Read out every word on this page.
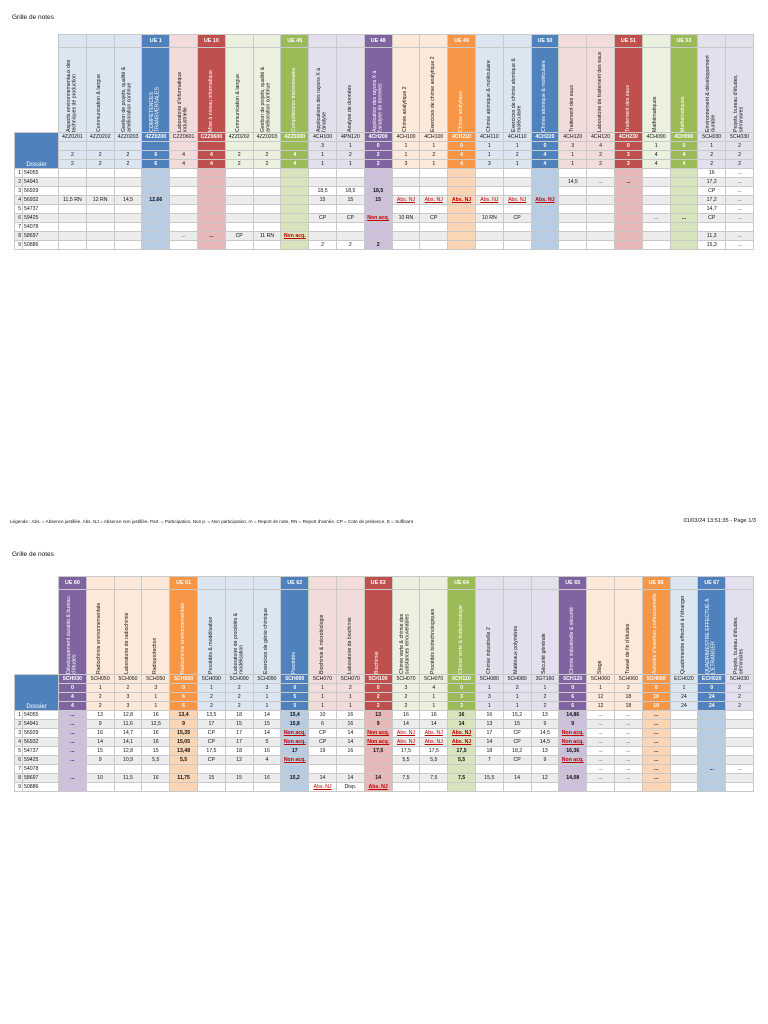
Grille de notes
Sciences de l'Ingénie ur industri el Orientat ion					UE 1		UE 10			UE 45			UE 48			UE 49			UE 50			UE 51		UE 53		

		Aspects environnementaux des techniques de production	Communication & langue	Gestion de projets, qualité & amélioration continue	COMPÉTENCES TRANSVERSALES	Laboratoire d'informatique industrielle	Mise à niveau informatique	Communication & langue	Gestion de projets, qualité & amélioration continue	Compétences transversales	Applications des rayons X à l'analyse	Analyse de données	Application des rayons X à l'analyse de données	Chimie analytique 2	Exercices de chimie analytique 2	Chimie analytique	Chimie atomique & moléculaire	Exercices de chimie atomique & moléculaire	Chimie atomique & moléculaire	Traitement des eaux	Laboratoire de traitement des eaux	Traitement des eaux	Mathématiques	Mathématiques	Environnement & développement durable	Projets, bureau d'études, séminaires

Dossier		4ZZ0201	4ZZ0202	4ZZ0203	4ZZ0200	CZZ0601	CZZ0600	4ZZ0202	4ZZ0203	4ZZ0300	4CH100	4PN120	4CH200	4CH100	4CH100	4CH210	4CH110	4CH110	4CH220	4CH120	4CH120	4CH230	4CH090	4CH090	5CH030	5CH030
											3	1	0	1	1	0	1	1	0	3	4	0	1	0	1	2
		2	2	2	6	4	4	2	2	4	1	2	2	1	2	4	1	2	4	1	2	3	4	4	2	2
		2	2	2	6	4	4	2	2	4	1	1	2	3	1	4	3	1	4	1	2	3	4	4	2	2
1	54055																								16	...
2	54941																			14,5	...	...			17,2	...
3	56929										18,5	18,5	18,5												CP	...
4	56932	11,5 RN	12 RN	14,5	12,66						15	15	15	Abs. NJ	Abs. NJ	Abs. NJ	Abs. NJ	Abs. NJ	Abs. NJ						17,2	...
5	54737																								14,7	...
6	59425										CP	CP	Non acq.	10 RN	CP		10 RN	CP					...	...	CP	...
7	54078																									
8	58697					...	...	CP	11 RN	Non acq.															11,3	...
9	50886										2	2	2												15,3	...
Grille de notes
Sciences de l'Ingénie ur industri el Orientat ion		UE 60				UE 61				UE 62			UE 63			UE 64				UE 65			UE 66		UE 67	

		Développement durable & bureau d'études	Radiochimie environnementale	Laboratoire de radiochimie	Radioprotection	Radiochimie environnementale	Procédés & modélisation	Laboratoire de procédés & modélisation	Exercices de génie chimique	Procédés	Biochimie & microbiologie	Laboratoire de biochimie	Biochimie	Chimie verte & chimie des substances renouvelables	Procédés biotechnologiques	Chimie verte & biotechnologie	Chimie industrielle 2	Matériaux polymères	Sécurité générale	Chimie industrielle & sécurité	Stage	Travail de fin d'études	Activités d'insertion professionnelle	Quadrimestre effectué à l'étranger	QUADRIMESTRE EFFECTUÉ À L'ÉTRANGER	Projets, bureau d'études, séminaires

Dossier		5CH030	5CH050	5CH050	5CH050	5CH050	5CH090	5CH090	5CH090	5CH090	5CH070	5CH070	5CH100	5CH070	5CH070	5CH110	5CH080	5CH080	3GT160	5CH120	5CH060	5CH060	5CH060	ECH020	ECH020	5CH030
		0	1	2	3	0	1	2	3	0	1	2	0	3	4	0	1	2	1	0	1	2	0	1	0	2
		4	2	3	1	6	2	2	1	5	1	1	2	2	1	3	3	1	2	6	12	18	10	24	24	2
		4	2	3	1	6	2	2	1	5	1	1	2	2	1	3	1	1	2	6	12	18	10	24	24	2
1	54055	...	13	12,8	16	13,4	13,5	18	14	15,4	10	16	13	16	16	16	16	15,2	13	14,86	...	...	...			
2	54941	...	9	11,6	12,5	9	17	15	15	15,8	6	16	9	14	14	14	13	15	9	9	...	...	...			
3	56929	...	16	14,7	16	15,35	CP	17	14	Non acq.	CP	14	Non acq.	Abs. NJ	Abs. NJ	Abs. NJ	17	CP	14,5	Non acq.	...	...	...			
4	56932	...	14	14,1	16	15,05	CP	17	5	Non acq.	CP	14	Non acq.	Abs. NJ	Abs. NJ	Abs. NJ	14	CP	14,5	Non acq.	...	...	...			
5	54737	...	15	12,8	15	13,48	17,5	18	16	17	19	16	17,5	17,5	17,5	17,5	18	18,2	13	16,36	...	...	...			
6	59425	...	9	10,9	5,5	5,5	CP	12	4	Non acq.				5,5	5,5	5,5	7	CP	9	Non acq.	...	...	...			
7	54078																				...	...	...		...	...
8	58697	...	10	11,5	16	11,75	15	15	16	15,2	14	14	14	7,5	7,5	7,5	15,5	14	12	14,08	...	...	...			
9	50886										Abs. NJ	Disp.	Abs. NJ													
Légende : Abs. = Absence justifiée, Abs. NJ = Absence non justifiée, Part. = Participation, Non p. = Non participation, rn = Report de note, RN = Report d'année, CP = Cote de présence, E = Suffisant	01/03/24 13:51:35 - Page 1/3
